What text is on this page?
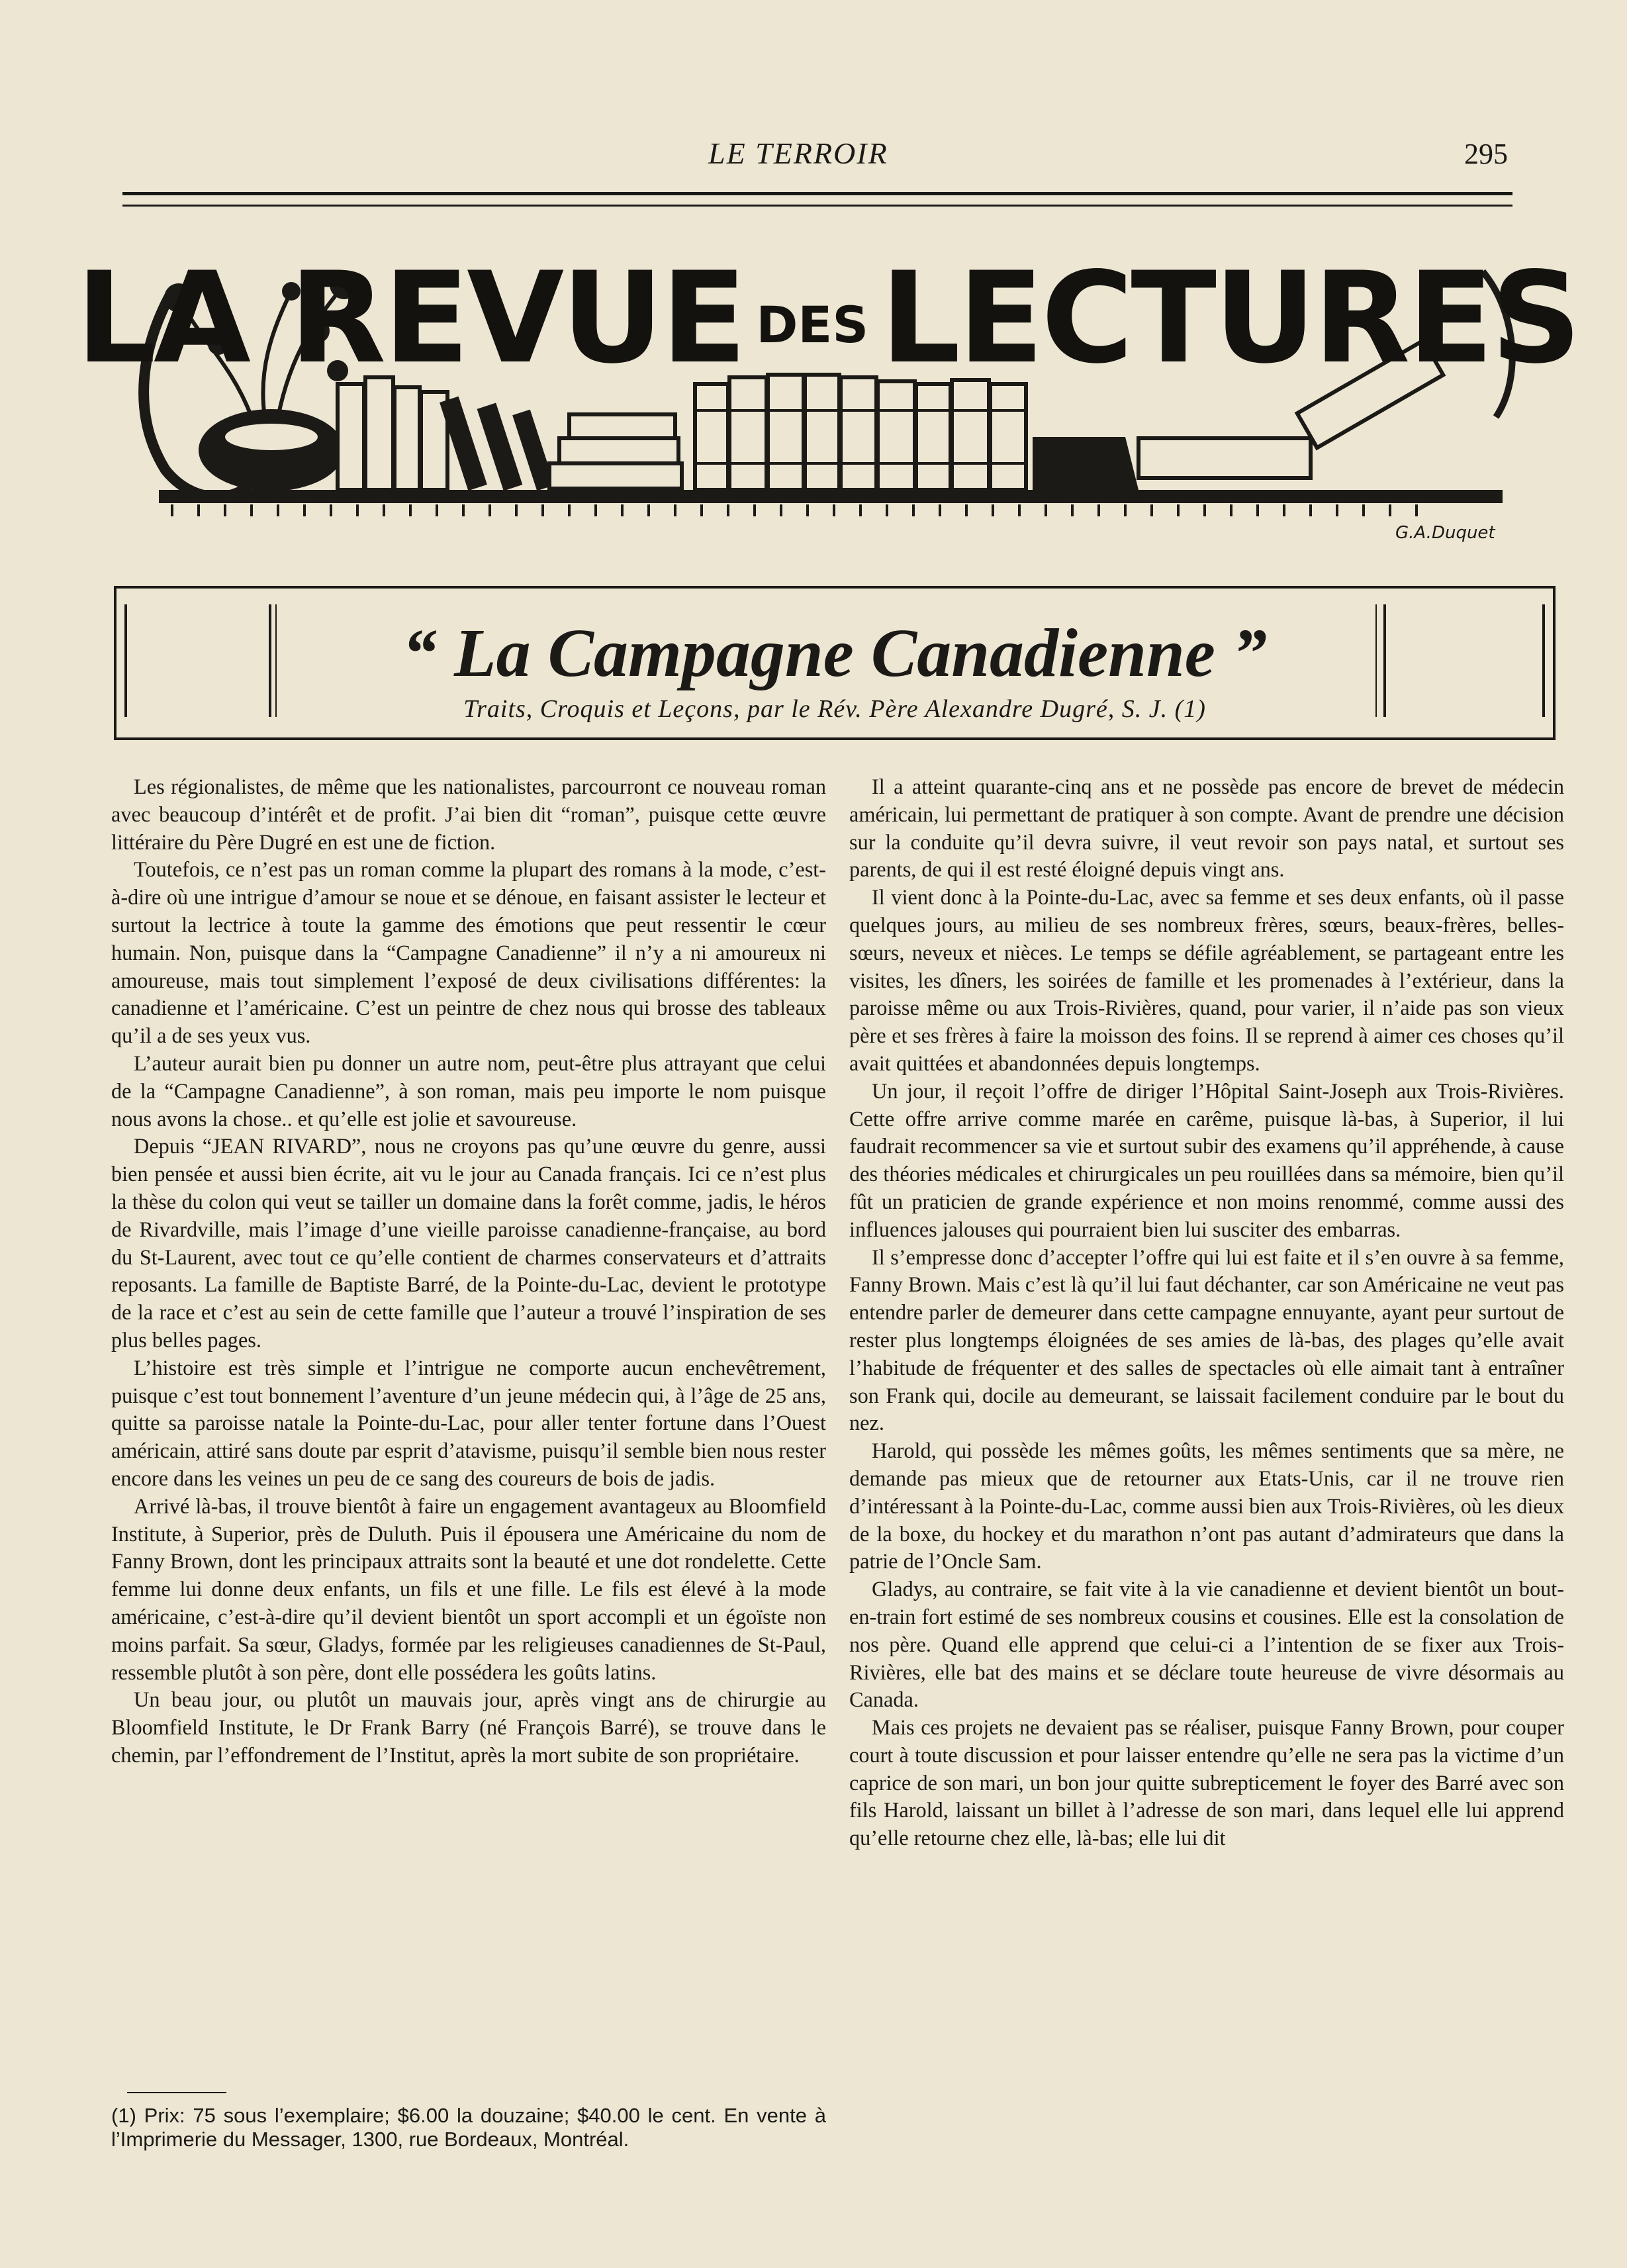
LE TERROIR	295
LA REVUE DES LECTURES
G.A.Duquet
“ La Campagne Canadienne ”
Traits, Croquis et Leçons, par le Rév. Père Alexandre Dugré, S. J. (1)

Les régionalistes, de même que les nationalistes, parcourront ce nouveau roman avec beaucoup d’intérêt et de profit. J’ai bien dit “roman”, puisque cette œuvre littéraire du Père Dugré en est une de fiction.

Toutefois, ce n’est pas un roman comme la plupart des romans à la mode, c’est-à-dire où une intrigue d’amour se noue et se dénoue, en faisant assister le lecteur et surtout la lectrice à toute la gamme des émotions que peut ressentir le cœur humain. Non, puisque dans la “Campagne Canadienne” il n’y a ni amoureux ni amoureuse, mais tout simplement l’exposé de deux civilisations différentes: la canadienne et l’américaine. C’est un peintre de chez nous qui brosse des tableaux qu’il a de ses yeux vus.

L’auteur aurait bien pu donner un autre nom, peut-être plus attrayant que celui de la “Campagne Canadienne”, à son roman, mais peu importe le nom puisque nous avons la chose.. et qu’elle est jolie et savoureuse.

Depuis “JEAN RIVARD”, nous ne croyons pas qu’une œuvre du genre, aussi bien pensée et aussi bien écrite, ait vu le jour au Canada français. Ici ce n’est plus la thèse du colon qui veut se tailler un domaine dans la forêt comme, jadis, le héros de Rivardville, mais l’image d’une vieille paroisse canadienne-française, au bord du St-Laurent, avec tout ce qu’elle contient de charmes conservateurs et d’attraits reposants. La famille de Baptiste Barré, de la Pointe-du-Lac, devient le prototype de la race et c’est au sein de cette famille que l’auteur a trouvé l’inspiration de ses plus belles pages.

L’histoire est très simple et l’intrigue ne comporte aucun enchevêtrement, puisque c’est tout bonnement l’aventure d’un jeune médecin qui, à l’âge de 25 ans, quitte sa paroisse natale la Pointe-du-Lac, pour aller tenter fortune dans l’Ouest américain, attiré sans doute par esprit d’atavisme, puisqu’il semble bien nous rester encore dans les veines un peu de ce sang des coureurs de bois de jadis.

Arrivé là-bas, il trouve bientôt à faire un engagement avantageux au Bloomfield Institute, à Superior, près de Duluth. Puis il épousera une Américaine du nom de Fanny Brown, dont les principaux attraits sont la beauté et une dot rondelette. Cette femme lui donne deux enfants, un fils et une fille. Le fils est élevé à la mode américaine, c’est-à-dire qu’il devient bientôt un sport accompli et un égoïste non moins parfait. Sa sœur, Gladys, formée par les religieuses canadiennes de St-Paul, ressemble plutôt à son père, dont elle possédera les goûts latins.

Un beau jour, ou plutôt un mauvais jour, après vingt ans de chirurgie au Bloomfield Institute, le Dr Frank Barry (né François Barré), se trouve dans le chemin, par l’effondrement de l’Institut, après la mort subite de son propriétaire.

(1) Prix: 75 sous l’exemplaire; $6.00 la douzaine; $40.00 le cent. En vente à l’Imprimerie du Messager, 1300, rue Bordeaux, Montréal.

Il a atteint quarante-cinq ans et ne possède pas encore de brevet de médecin américain, lui permettant de pratiquer à son compte. Avant de prendre une décision sur la conduite qu’il devra suivre, il veut revoir son pays natal, et surtout ses parents, de qui il est resté éloigné depuis vingt ans.

Il vient donc à la Pointe-du-Lac, avec sa femme et ses deux enfants, où il passe quelques jours, au milieu de ses nombreux frères, sœurs, beaux-frères, belles-sœurs, neveux et nièces. Le temps se défile agréablement, se partageant entre les visites, les dîners, les soirées de famille et les promenades à l’extérieur, dans la paroisse même ou aux Trois-Rivières, quand, pour varier, il n’aide pas son vieux père et ses frères à faire la moisson des foins. Il se reprend à aimer ces choses qu’il avait quittées et abandonnées depuis longtemps.

Un jour, il reçoit l’offre de diriger l’Hôpital Saint-Joseph aux Trois-Rivières. Cette offre arrive comme marée en carême, puisque là-bas, à Superior, il lui faudrait recommencer sa vie et surtout subir des examens qu’il appréhende, à cause des théories médicales et chirurgicales un peu rouillées dans sa mémoire, bien qu’il fût un praticien de grande expérience et non moins renommé, comme aussi des influences jalouses qui pourraient bien lui susciter des embarras.

Il s’empresse donc d’accepter l’offre qui lui est faite et il s’en ouvre à sa femme, Fanny Brown. Mais c’est là qu’il lui faut déchanter, car son Américaine ne veut pas entendre parler de demeurer dans cette campagne ennuyante, ayant peur surtout de rester plus longtemps éloignées de ses amies de là-bas, des plages qu’elle avait l’habitude de fréquenter et des salles de spectacles où elle aimait tant à entraîner son Frank qui, docile au demeurant, se laissait facilement conduire par le bout du nez.

Harold, qui possède les mêmes goûts, les mêmes sentiments que sa mère, ne demande pas mieux que de retourner aux Etats-Unis, car il ne trouve rien d’intéressant à la Pointe-du-Lac, comme aussi bien aux Trois-Rivières, où les dieux de la boxe, du hockey et du marathon n’ont pas autant d’admirateurs que dans la patrie de l’Oncle Sam.

Gladys, au contraire, se fait vite à la vie canadienne et devient bientôt un bout-en-train fort estimé de ses nombreux cousins et cousines. Elle est la consolation de nos père. Quand elle apprend que celui-ci a l’intention de se fixer aux Trois-Rivières, elle bat des mains et se déclare toute heureuse de vivre désormais au Canada.

Mais ces projets ne devaient pas se réaliser, puisque Fanny Brown, pour couper court à toute discussion et pour laisser entendre qu’elle ne sera pas la victime d’un caprice de son mari, un bon jour quitte subrepticement le foyer des Barré avec son fils Harold, laissant un billet à l’adresse de son mari, dans lequel elle lui apprend qu’elle retourne chez elle, là-bas; elle lui dit
